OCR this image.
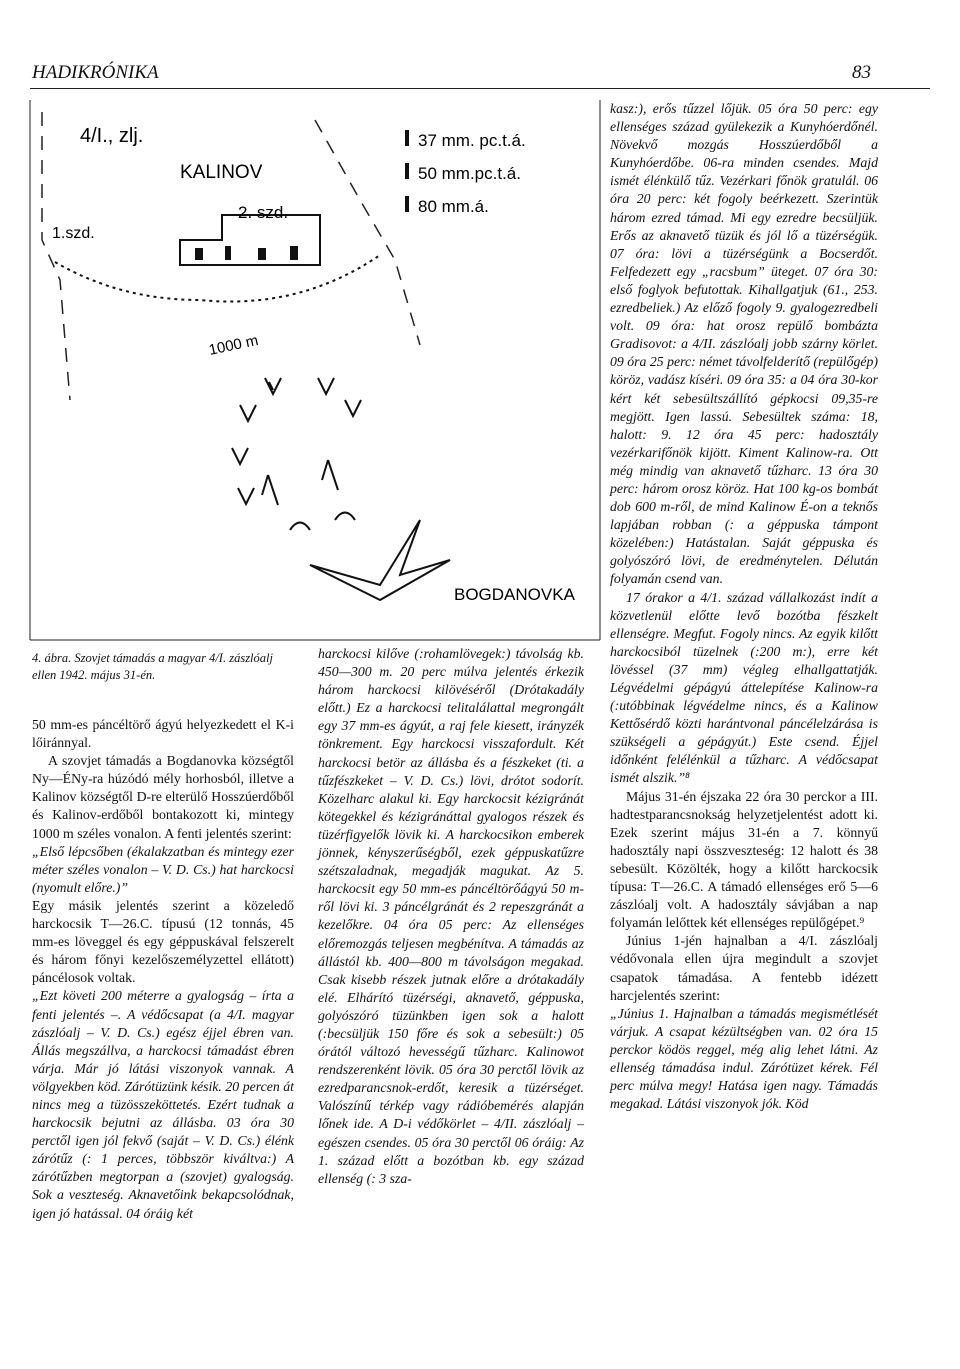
HADIKRÓNIKA	83
4/I., zlj.
KALINOV
2. szd.
1.szd.
1000 m
BOGDANOVKA
37 mm. pc.t.á.
50 mm.pc.t.á.
80 mm.á.
4. ábra. Szovjet támadás a magyar 4/I. zászlóalj ellen 1942. május 31-én.

50 mm-es páncéltörő ágyú helyezkedett el K-i lőiránnyal.

A szovjet támadás a Bogdanovka községtől Ny—ÉNy-ra húzódó mély horhosból, illetve a Kalinov községtől D-re elterülő Hosszúerdőből és Kalinov-erdőből bontakozott ki, mintegy 1000 m széles vonalon. A fenti jelentés szerint:

„Első lépcsőben (ékalakzatban és mintegy ezer méter széles vonalon – V. D. Cs.) hat harckocsi (nyomult előre.)”

Egy másik jelentés szerint a közeledő harckocsik T—26.C. típusú (12 tonnás, 45 mm-es löveggel és egy géppuskával felszerelt és három főnyi kezelőszemélyzettel ellátott) páncélosok voltak.

„Ezt követi 200 méterre a gyalogság – írta a fenti jelentés –. A védőcsapat (a 4/I. magyar zászlóalj – V. D. Cs.) egész éjjel ébren van. Állás megszállva, a harckocsi támadást ébren várja. Már jó látási viszonyok vannak. A völgyekben köd. Zárótüzünk késik. 20 percen át nincs meg a tüzösszeköttetés. Ezért tudnak a harckocsik bejutni az állásba. 03 óra 30 perctől igen jól fekvő (saját – V. D. Cs.) élénk zárótűz (: 1 perces, többször kiváltva:) A zárótűzben megtorpan a (szovjet) gyalogság. Sok a veszteség. Aknavetőink bekapcsolódnak, igen jó hatással. 04 óráig két

harckocsi kilőve (:rohamlövegek:) távolság kb. 450—300 m. 20 perc múlva jelentés érkezik három harckocsi kilövéséről (Drótakadály előtt.) Ez a harckocsi telitalálattal megrongált egy 37 mm-es ágyút, a raj fele kiesett, irányzék tönkrement. Egy harckocsi visszafordult. Két harckocsi betör az állásba és a fészkeket (ti. a tűzfészkeket – V. D. Cs.) lövi, drótot sodorít. Közelharc alakul ki. Egy harckocsit kézigránát kötegekkel és kézigránáttal gyalogos részek és tüzérfigyelők lövik ki. A harckocsikon emberek jönnek, kényszerűségből, ezek géppuskatűzre szétszaladnak, megadják magukat. Az 5. harckocsit egy 50 mm-es páncéltörőágyú 50 m-ről lövi ki. 3 páncélgránát és 2 repeszgránát a kezelőkre. 04 óra 05 perc: Az ellenséges előremozgás teljesen megbénítva. A támadás az állástól kb. 400—800 m távolságon megakad. Csak kisebb részek jutnak előre a drótakadály elé. Elhárító tüzérségi, aknavető, géppuska, golyószóró tüzünkben igen sok a halott (:becsüljük 150 főre és sok a sebesült:) 05 órától változó hevességű tűzharc. Kalinowot rendszerenként lövik. 05 óra 30 perctől lövik az ezredparancsnok-erdőt, keresik a tüzérséget. Valószínű térkép vagy rádióbemérés alapján lőnek ide. A D-i védőkörlet – 4/II. zászlóalj – egészen csendes. 05 óra 30 perctől 06 óráig: Az 1. század előtt a bozótban kb. egy század ellenség (: 3 sza-

kasz:), erős tűzzel lőjük. 05 óra 50 perc: egy ellenséges század gyülekezik a Kunyhóerdőnél. Növekvő mozgás Hosszúerdőből a Kunyhóerdőbe. 06-ra minden csendes. Majd ismét élénkülő tűz. Vezérkari főnök gratulál. 06 óra 20 perc: két fogoly beérkezett. Szerintük három ezred támad. Mi egy ezredre becsüljük. Erős az aknavető tüzük és jól lő a tüzérségük. 07 óra: lövi a tüzérségünk a Bocserdőt. Felfedezett egy „racsbum” üteget. 07 óra 30: első foglyok befutottak. Kihallgatjuk (61., 253. ezredbeliek.) Az előző fogoly 9. gyalogezredbeli volt. 09 óra: hat orosz repülő bombázta Gradisovot: a 4/II. zászlóalj jobb szárny körlet. 09 óra 25 perc: német távolfelderítő (repülőgép) köröz, vadász kíséri. 09 óra 35: a 04 óra 30-kor kért két sebesültszállító gépkocsi 09,35-re megjött. Igen lassú. Sebesültek száma: 18, halott: 9. 12 óra 45 perc: hadosztály vezérkarifőnök kijött. Kiment Kalinow-ra. Ott még mindig van aknavető tűzharc. 13 óra 30 perc: három orosz köröz. Hat 100 kg-os bombát dob 600 m-ről, de mind Kalinow É-on a teknős lapjában robban (: a géppuska támpont közelében:) Hatástalan. Saját géppuska és golyószóró lövi, de eredménytelen. Délután folyamán csend van.

17 órakor a 4/1. század vállalkozást indít a közvetlenül előtte levő bozótba fészkelt ellenségre. Megfut. Fogoly nincs. Az egyik kilőtt harckocsiból tüzelnek (:200 m:), erre két lövéssel (37 mm) végleg elhallgattatják. Légvédelmi gépágyú áttelepítése Kalinow-ra (:utóbbinak légvédelme nincs, és a Kalinow Kettősérdő közti harántvonal páncélelzárása is szükségeli a gépágyút.) Este csend. Éjjel időnként felélénkül a tűzharc. A védőcsapat ismét alszik.”⁸

Május 31-én éjszaka 22 óra 30 perckor a III. hadtestparancsnokság helyzetjelentést adott ki. Ezek szerint május 31-én a 7. könnyű hadosztály napi összveszteség: 12 halott és 38 sebesült. Közölték, hogy a kilőtt harckocsik típusa: T—26.C. A támadó ellenséges erő 5—6 zászlóalj volt. A hadosztály sávjában a nap folyamán lelőttek két ellenséges repülőgépet.⁹

Június 1-jén hajnalban a 4/I. zászlóalj védővonala ellen újra megindult a szovjet csapatok támadása. A fentebb idézett harcjelentés szerint:

„Június 1. Hajnalban a támadás megismétlését várjuk. A csapat kézültségben van. 02 óra 15 perckor ködös reggel, még alig lehet látni. Az ellenség támadása indul. Zárótüzet kérek. Fél perc múlva megy! Hatása igen nagy. Támadás megakad. Látási viszonyok jók. Köd
